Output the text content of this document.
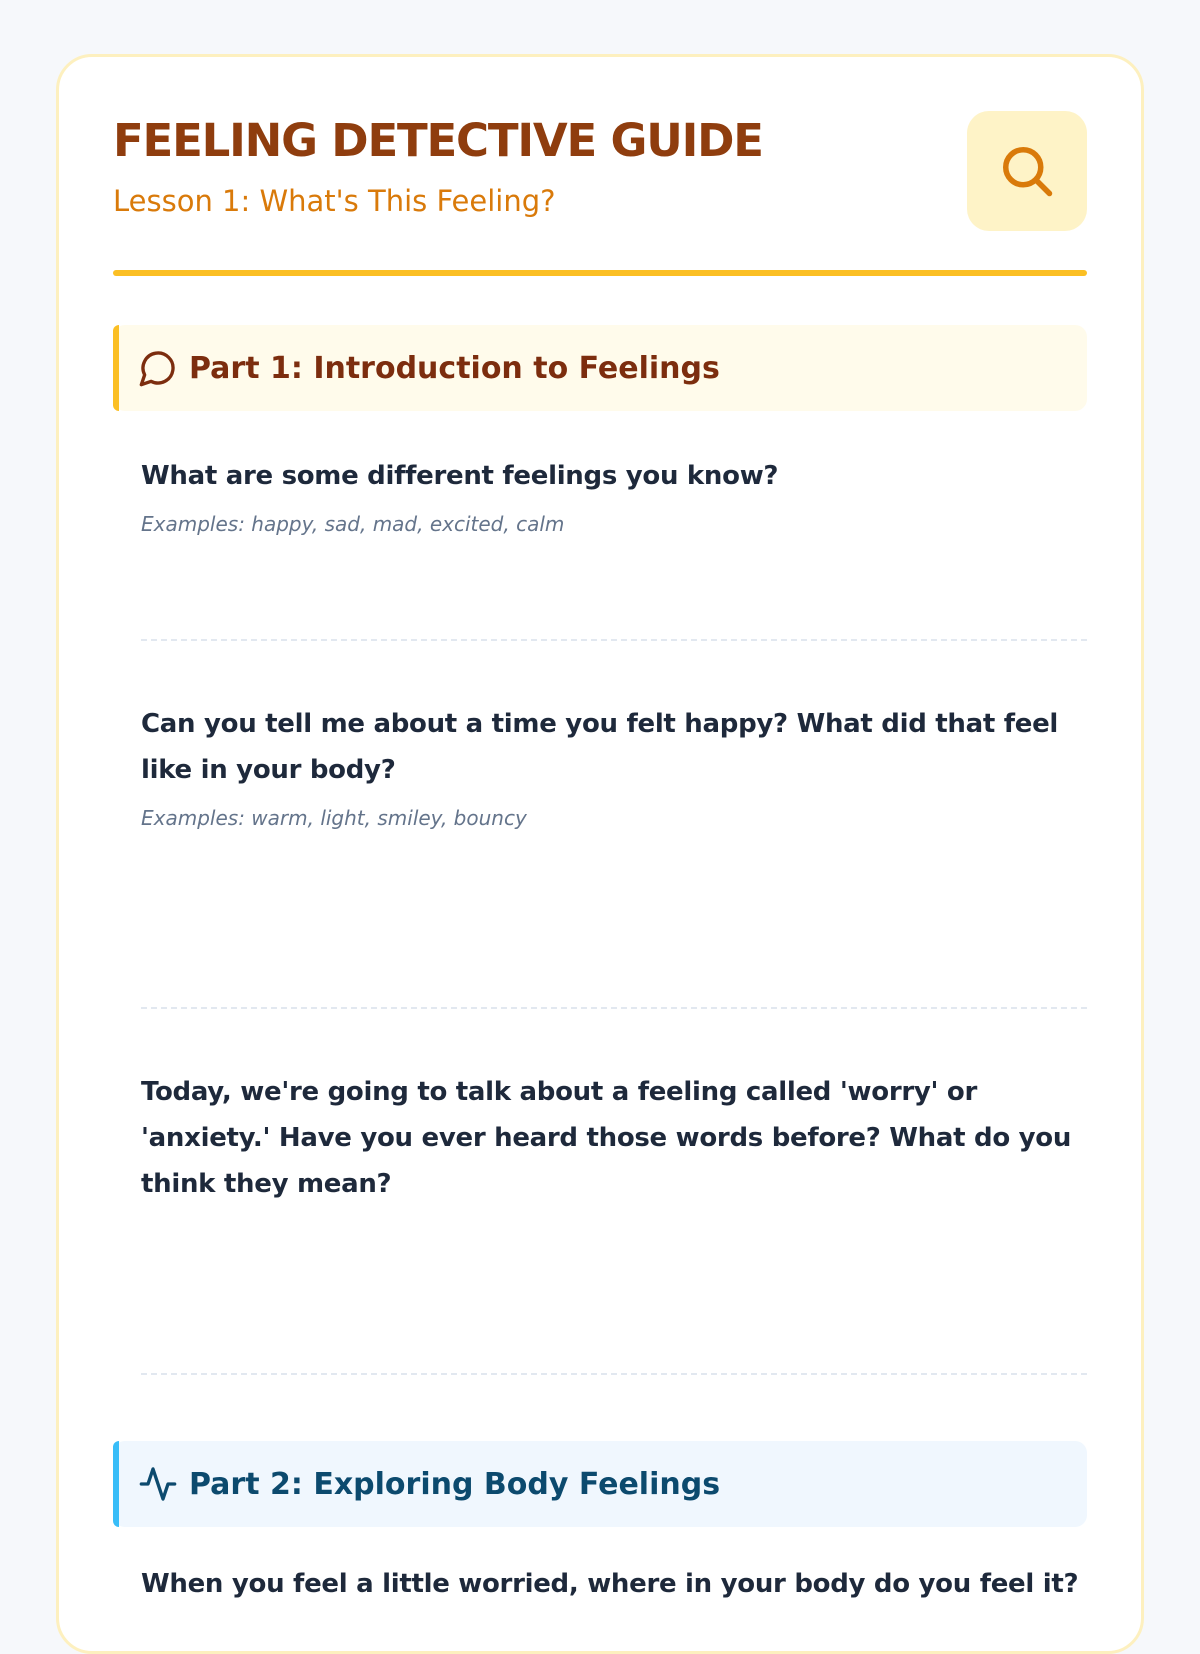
FEELING DETECTIVE GUIDE

Lesson 1: What's This Feeling?

Part 1: Introduction to Feelings

What are some different feelings you know?

Examples: happy, sad, mad, excited, calm

Can you tell me about a time you felt happy? What did that feel like in your body?

Examples: warm, light, smiley, bouncy

Today, we're going to talk about a feeling called 'worry' or 'anxiety.' Have you ever heard those words before? What do you think they mean?

Part 2: Exploring Body Feelings

When you feel a little worried, where in your body do you feel it?
